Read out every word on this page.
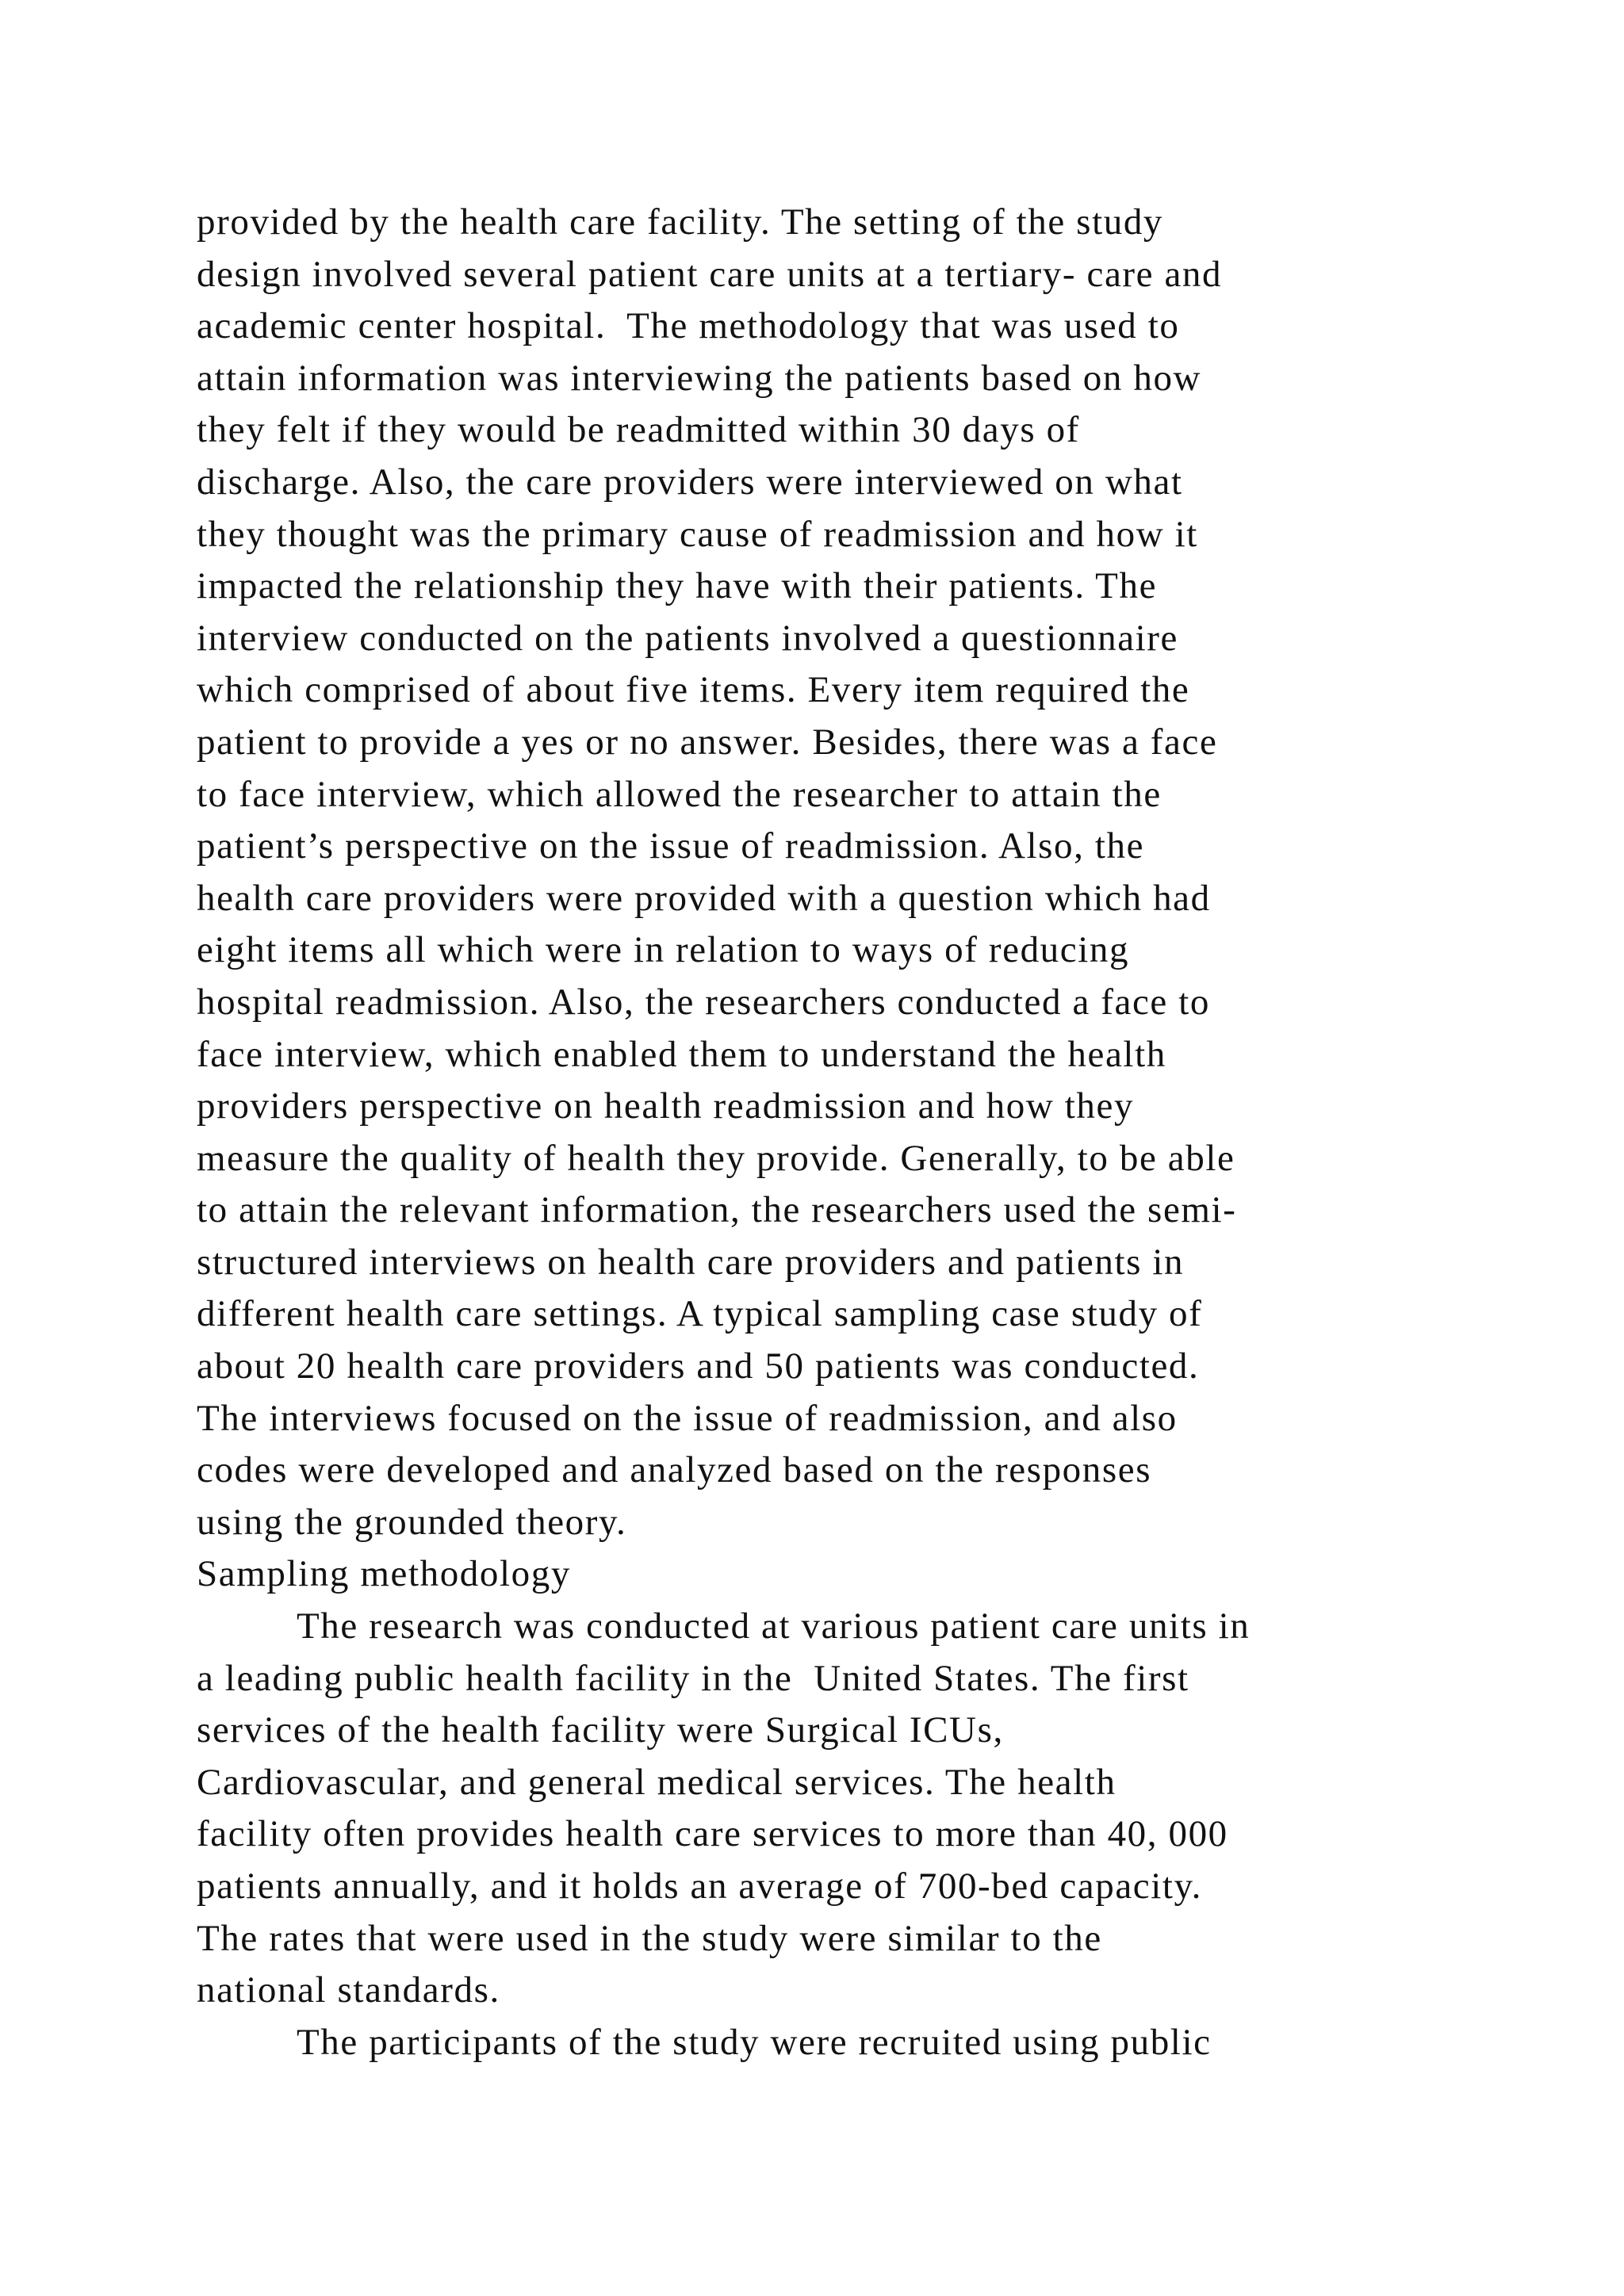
provided by the health care facility. The setting of the study
design involved several patient care units at a tertiary- care and
academic center hospital.  The methodology that was used to
attain information was interviewing the patients based on how
they felt if they would be readmitted within 30 days of
discharge. Also, the care providers were interviewed on what
they thought was the primary cause of readmission and how it
impacted the relationship they have with their patients. The
interview conducted on the patients involved a questionnaire
which comprised of about five items. Every item required the
patient to provide a yes or no answer. Besides, there was a face
to face interview, which allowed the researcher to attain the
patient’s perspective on the issue of readmission. Also, the
health care providers were provided with a question which had
eight items all which were in relation to ways of reducing
hospital readmission. Also, the researchers conducted a face to
face interview, which enabled them to understand the health
providers perspective on health readmission and how they
measure the quality of health they provide. Generally, to be able
to attain the relevant information, the researchers used the semi-
structured interviews on health care providers and patients in
different health care settings. A typical sampling case study of
about 20 health care providers and 50 patients was conducted.
The interviews focused on the issue of readmission, and also
codes were developed and analyzed based on the responses
using the grounded theory.
Sampling methodology
The research was conducted at various patient care units in
a leading public health facility in the  United States. The first
services of the health facility were Surgical ICUs,
Cardiovascular, and general medical services. The health
facility often provides health care services to more than 40, 000
patients annually, and it holds an average of 700-bed capacity.
The rates that were used in the study were similar to the
national standards.
The participants of the study were recruited using public
